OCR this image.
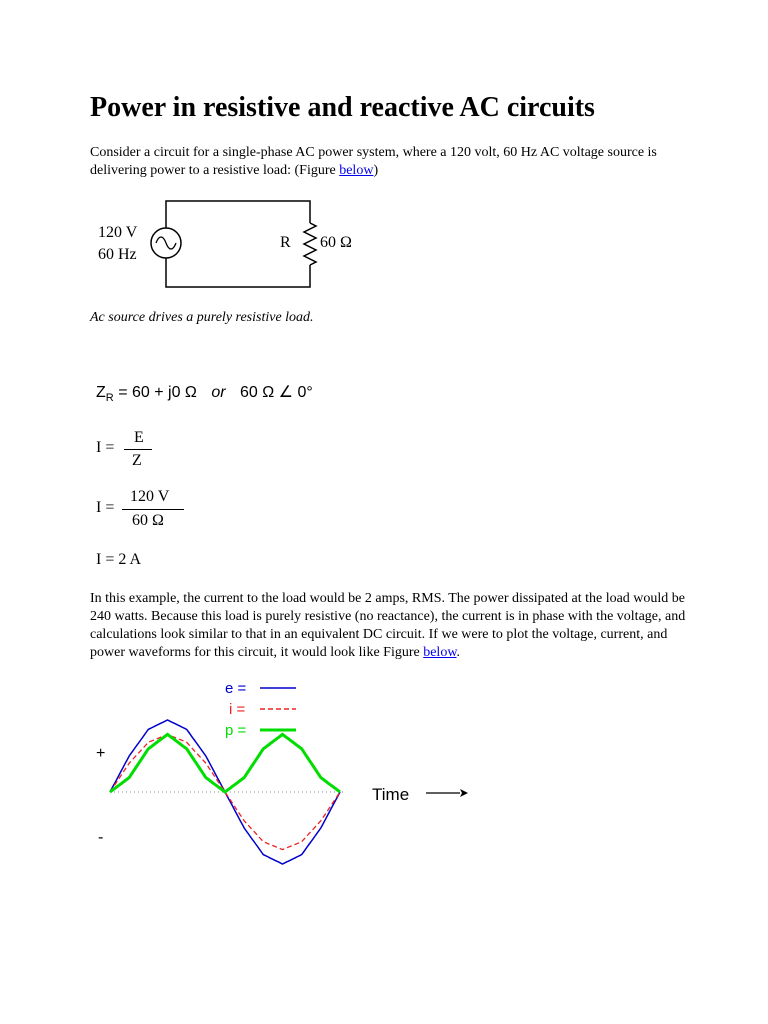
Power in resistive and reactive AC circuits
Consider a circuit for a single-phase AC power system, where a 120 volt, 60 Hz AC voltage source is delivering power to a resistive load: (Figure below)
120 V
60 Hz
R 60 Ω
Ac source drives a purely resistive load.
$Z_R = 60 + j0$ Ω or 60 Ω ∠ 0°
I =
E
Z
I =
120 V
60 Ω
I = 2 A
In this example, the current to the load would be 2 amps, RMS. The power dissipated at the load would be 240 watts. Because this load is purely resistive (no reactance), the current is in phase with the voltage, and calculations look similar to that in an equivalent DC circuit. If we were to plot the voltage, current, and power waveforms for this circuit, it would look like Figure below.
e =
i =
p =
+
-
Time
